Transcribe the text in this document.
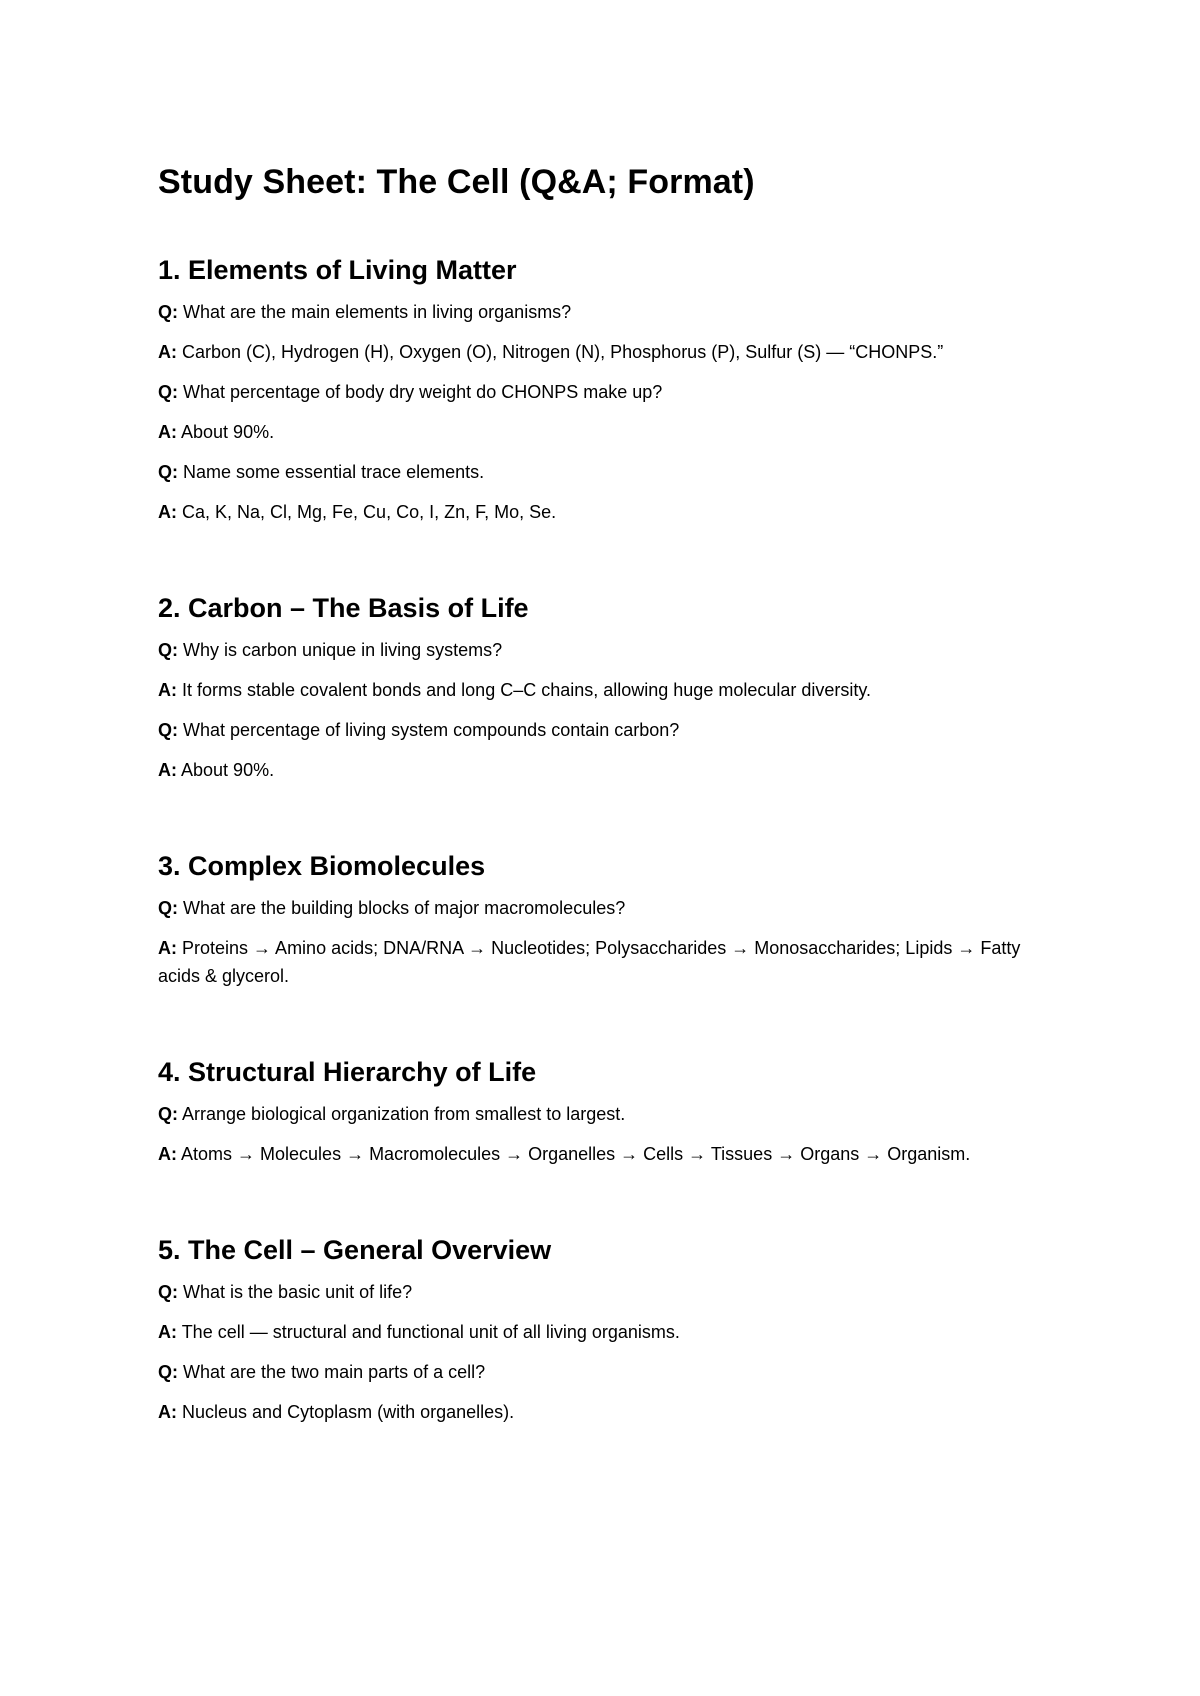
Study Sheet: The Cell (Q&A; Format)
1. Elements of Living Matter

Q: What are the main elements in living organisms?

A: Carbon (C), Hydrogen (H), Oxygen (O), Nitrogen (N), Phosphorus (P), Sulfur (S) — “CHONPS.”

Q: What percentage of body dry weight do CHONPS make up?

A: About 90%.

Q: Name some essential trace elements.

A: Ca, K, Na, Cl, Mg, Fe, Cu, Co, I, Zn, F, Mo, Se.

2. Carbon – The Basis of Life

Q: Why is carbon unique in living systems?

A: It forms stable covalent bonds and long C–C chains, allowing huge molecular diversity.

Q: What percentage of living system compounds contain carbon?

A: About 90%.

3. Complex Biomolecules

Q: What are the building blocks of major macromolecules?

A: Proteins → Amino acids; DNA/RNA → Nucleotides; Polysaccharides → Monosaccharides; Lipids → Fatty acids & glycerol.

4. Structural Hierarchy of Life

Q: Arrange biological organization from smallest to largest.

A: Atoms → Molecules → Macromolecules → Organelles → Cells → Tissues → Organs → Organism.

5. The Cell – General Overview

Q: What is the basic unit of life?

A: The cell — structural and functional unit of all living organisms.

Q: What are the two main parts of a cell?

A: Nucleus and Cytoplasm (with organelles).
